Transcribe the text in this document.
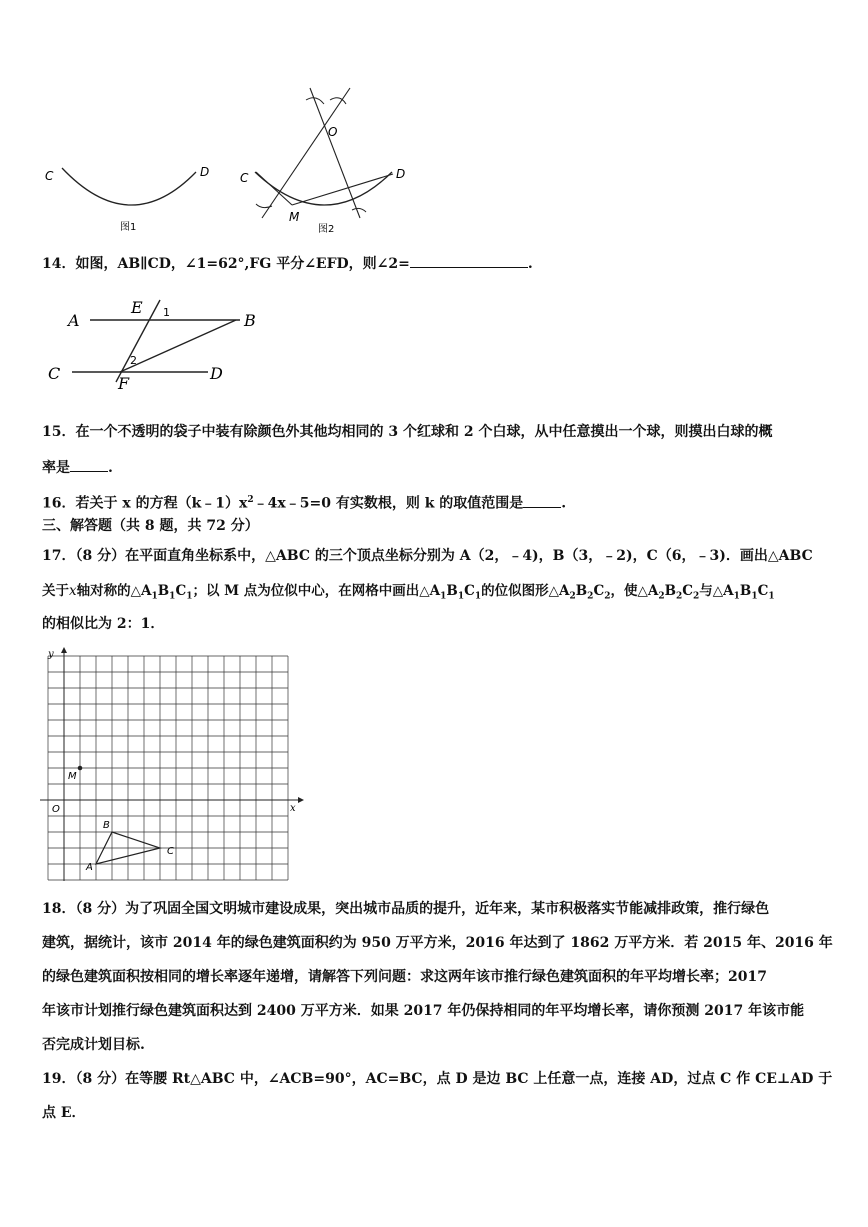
C	D
图1
O
C	D
M
图2
14．如图，AB∥CD，∠1=62°,FG 平分∠EFD，则∠2=	.
A	B
C	D
E
F
1
2
15．在一个不透明的袋子中装有除颜色外其他均相同的 3 个红球和 2 个白球，从中任意摸出一个球，则摸出白球的概
率是	.
16．若关于 x 的方程$(k﹣1)x^2﹣4x﹣5=0$ 有实数根，则 k 的取值范围是	.
三、解答题（共 8 题，共 72 分）
17．（8 分）在平面直角坐标系中，△ABC 的三个顶点坐标分别为 A（2，﹣4)，B（3，﹣2)，C（6，﹣3)．画出△ABC
关于x轴对称的$\triangle A_1B_1C_1$；以 M 点为位似中心，在网格中画出$\triangle A_1B_1C_1$的位似图形$\triangle A_2B_2C_2$，使$\triangle A_2B_2C_2$与$\triangle A_1B_1C_1$
的相似比为 2：1．
y
x
O
M
A
B
C
18．（8 分）为了巩固全国文明城市建设成果，突出城市品质的提升，近年来，某市积极落实节能减排政策，推行绿色
建筑，据统计，该市 2014 年的绿色建筑面积约为 950 万平方米，2016 年达到了 1862 万平方米．若 2015 年、2016 年
的绿色建筑面积按相同的增长率逐年递增，请解答下列问题：求这两年该市推行绿色建筑面积的年平均增长率；2017
年该市计划推行绿色建筑面积达到 2400 万平方米．如果 2017 年仍保持相同的年平均增长率，请你预测 2017 年该市能
否完成计划目标.
19．（8 分）在等腰 Rt△ABC 中，∠ACB=90°，AC=BC，点 D 是边 BC 上任意一点，连接 AD，过点 C 作 CE⊥AD 于
点 E．
